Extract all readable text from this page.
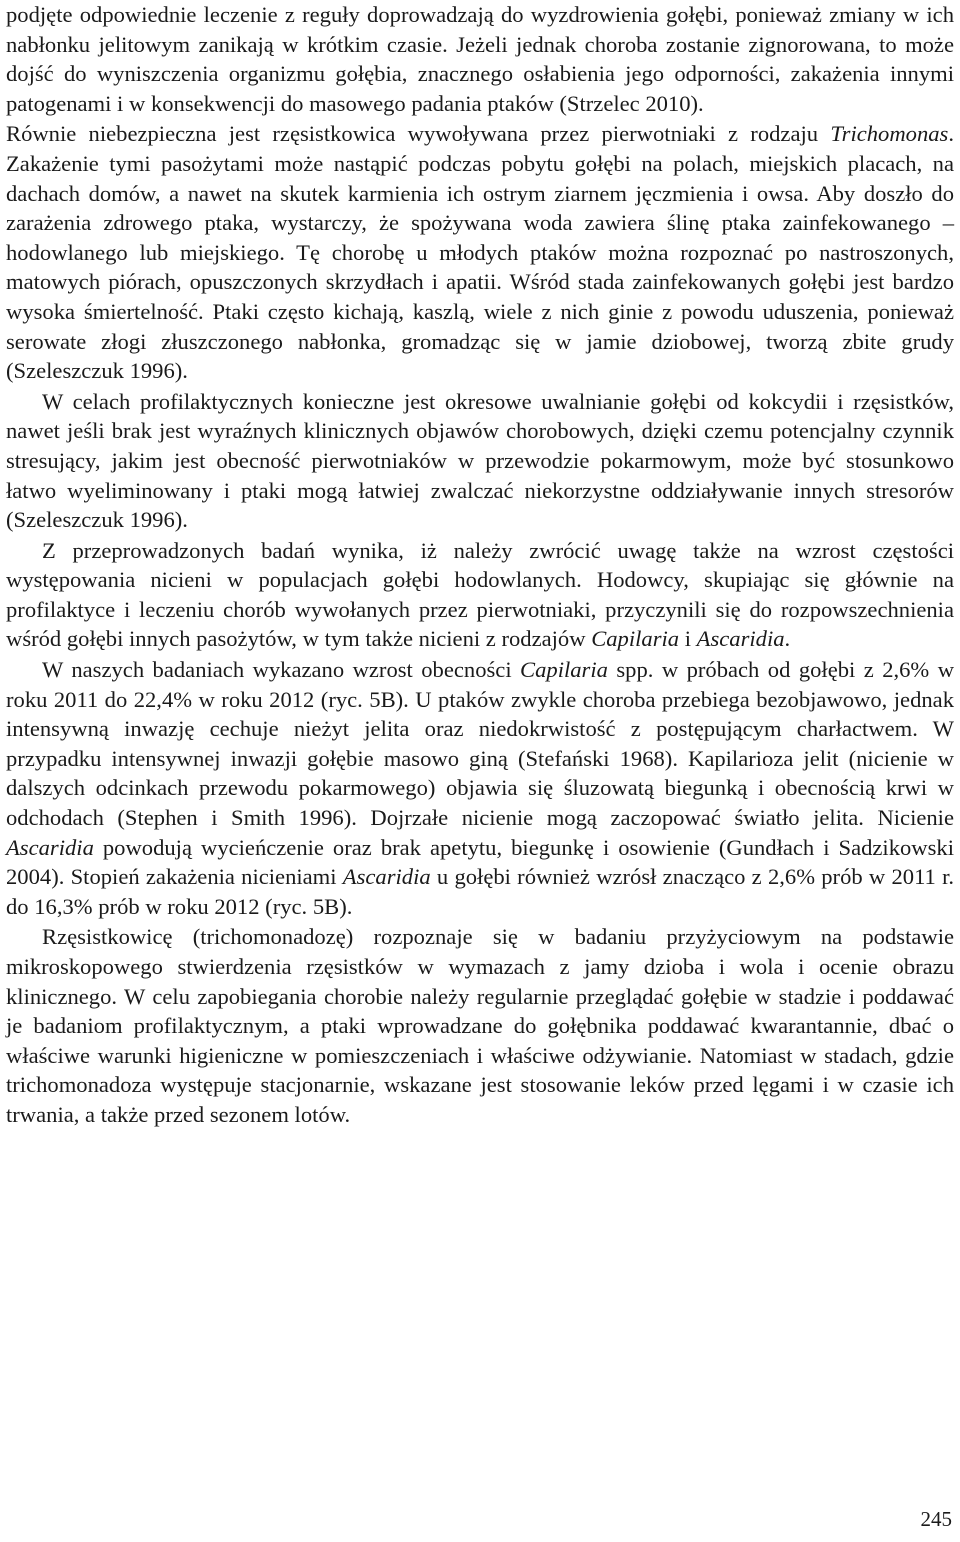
podjęte odpowiednie leczenie z reguły doprowadzają do wyzdrowienia gołębi, ponieważ zmiany w ich nabłonku jelitowym zanikają w krótkim czasie. Jeżeli jednak choroba zostanie zignorowana, to może dojść do wyniszczenia organizmu gołębia, znacznego osłabienia jego odporności, zakażenia innymi patogenami i w konsekwencji do masowego padania ptaków (Strzelec 2010).

Równie niebezpieczna jest rzęsistkowica wywoływana przez pierwotniaki z rodzaju Trichomonas. Zakażenie tymi pasożytami może nastąpić podczas pobytu gołębi na polach, miejskich placach, na dachach domów, a nawet na skutek karmienia ich ostrym ziarnem jęczmienia i owsa. Aby doszło do zarażenia zdrowego ptaka, wystarczy, że spożywana woda zawiera ślinę ptaka zainfekowanego – hodowlanego lub miejskiego. Tę chorobę u młodych ptaków można rozpoznać po nastroszonych, matowych piórach, opuszczonych skrzydłach i apatii. Wśród stada zainfekowanych gołębi jest bardzo wysoka śmiertelność. Ptaki często kichają, kaszlą, wiele z nich ginie z powodu uduszenia, ponieważ serowate złogi złuszczonego nabłonka, gromadząc się w jamie dziobowej, tworzą zbite grudy (Szeleszczuk 1996).

W celach profilaktycznych konieczne jest okresowe uwalnianie gołębi od kokcydii i rzęsistków, nawet jeśli brak jest wyraźnych klinicznych objawów chorobowych, dzięki czemu potencjalny czynnik stresujący, jakim jest obecność pierwotniaków w przewodzie pokarmowym, może być stosunkowo łatwo wyeliminowany i ptaki mogą łatwiej zwalczać niekorzystne oddziaływanie innych stresorów (Szeleszczuk 1996).

Z przeprowadzonych badań wynika, iż należy zwrócić uwagę także na wzrost częstości występowania nicieni w populacjach gołębi hodowlanych. Hodowcy, skupiając się głównie na profilaktyce i leczeniu chorób wywołanych przez pierwotniaki, przyczynili się do rozpowszechnienia wśród gołębi innych pasożytów, w tym także nicieni z rodzajów Capilaria i Ascaridia.

W naszych badaniach wykazano wzrost obecności Capilaria spp. w próbach od gołębi z 2,6% w roku 2011 do 22,4% w roku 2012 (ryc. 5B). U ptaków zwykle choroba przebiega bezobjawowo, jednak intensywną inwazję cechuje nieżyt jelita oraz niedokrwistość z postępującym charłactwem. W przypadku intensywnej inwazji gołębie masowo giną (Stefański 1968). Kapilarioza jelit (nicienie w dalszych odcinkach przewodu pokarmowego) objawia się śluzowatą biegunką i obecnością krwi w odchodach (Stephen i Smith 1996). Dojrzałe nicienie mogą zaczopować światło jelita. Nicienie Ascaridia powodują wycieńczenie oraz brak apetytu, biegunkę i osowienie (Gundłach i Sadzikowski 2004). Stopień zakażenia nicieniami Ascaridia u gołębi również wzrósł znacząco z 2,6% prób w 2011 r. do 16,3% prób w roku 2012 (ryc. 5B).

Rzęsistkowicę (trichomonadozę) rozpoznaje się w badaniu przyżyciowym na podstawie mikroskopowego stwierdzenia rzęsistków w wymazach z jamy dzioba i wola i ocenie obrazu klinicznego. W celu zapobiegania chorobie należy regularnie przeglądać gołębie w stadzie i poddawać je badaniom profilaktycznym, a ptaki wprowadzane do gołębnika poddawać kwarantannie, dbać o właściwe warunki higieniczne w pomieszczeniach i właściwe odżywianie. Natomiast w stadach, gdzie trichomonadoza występuje stacjonarnie, wskazane jest stosowanie leków przed lęgami i w czasie ich trwania, a także przed sezonem lotów.

245
